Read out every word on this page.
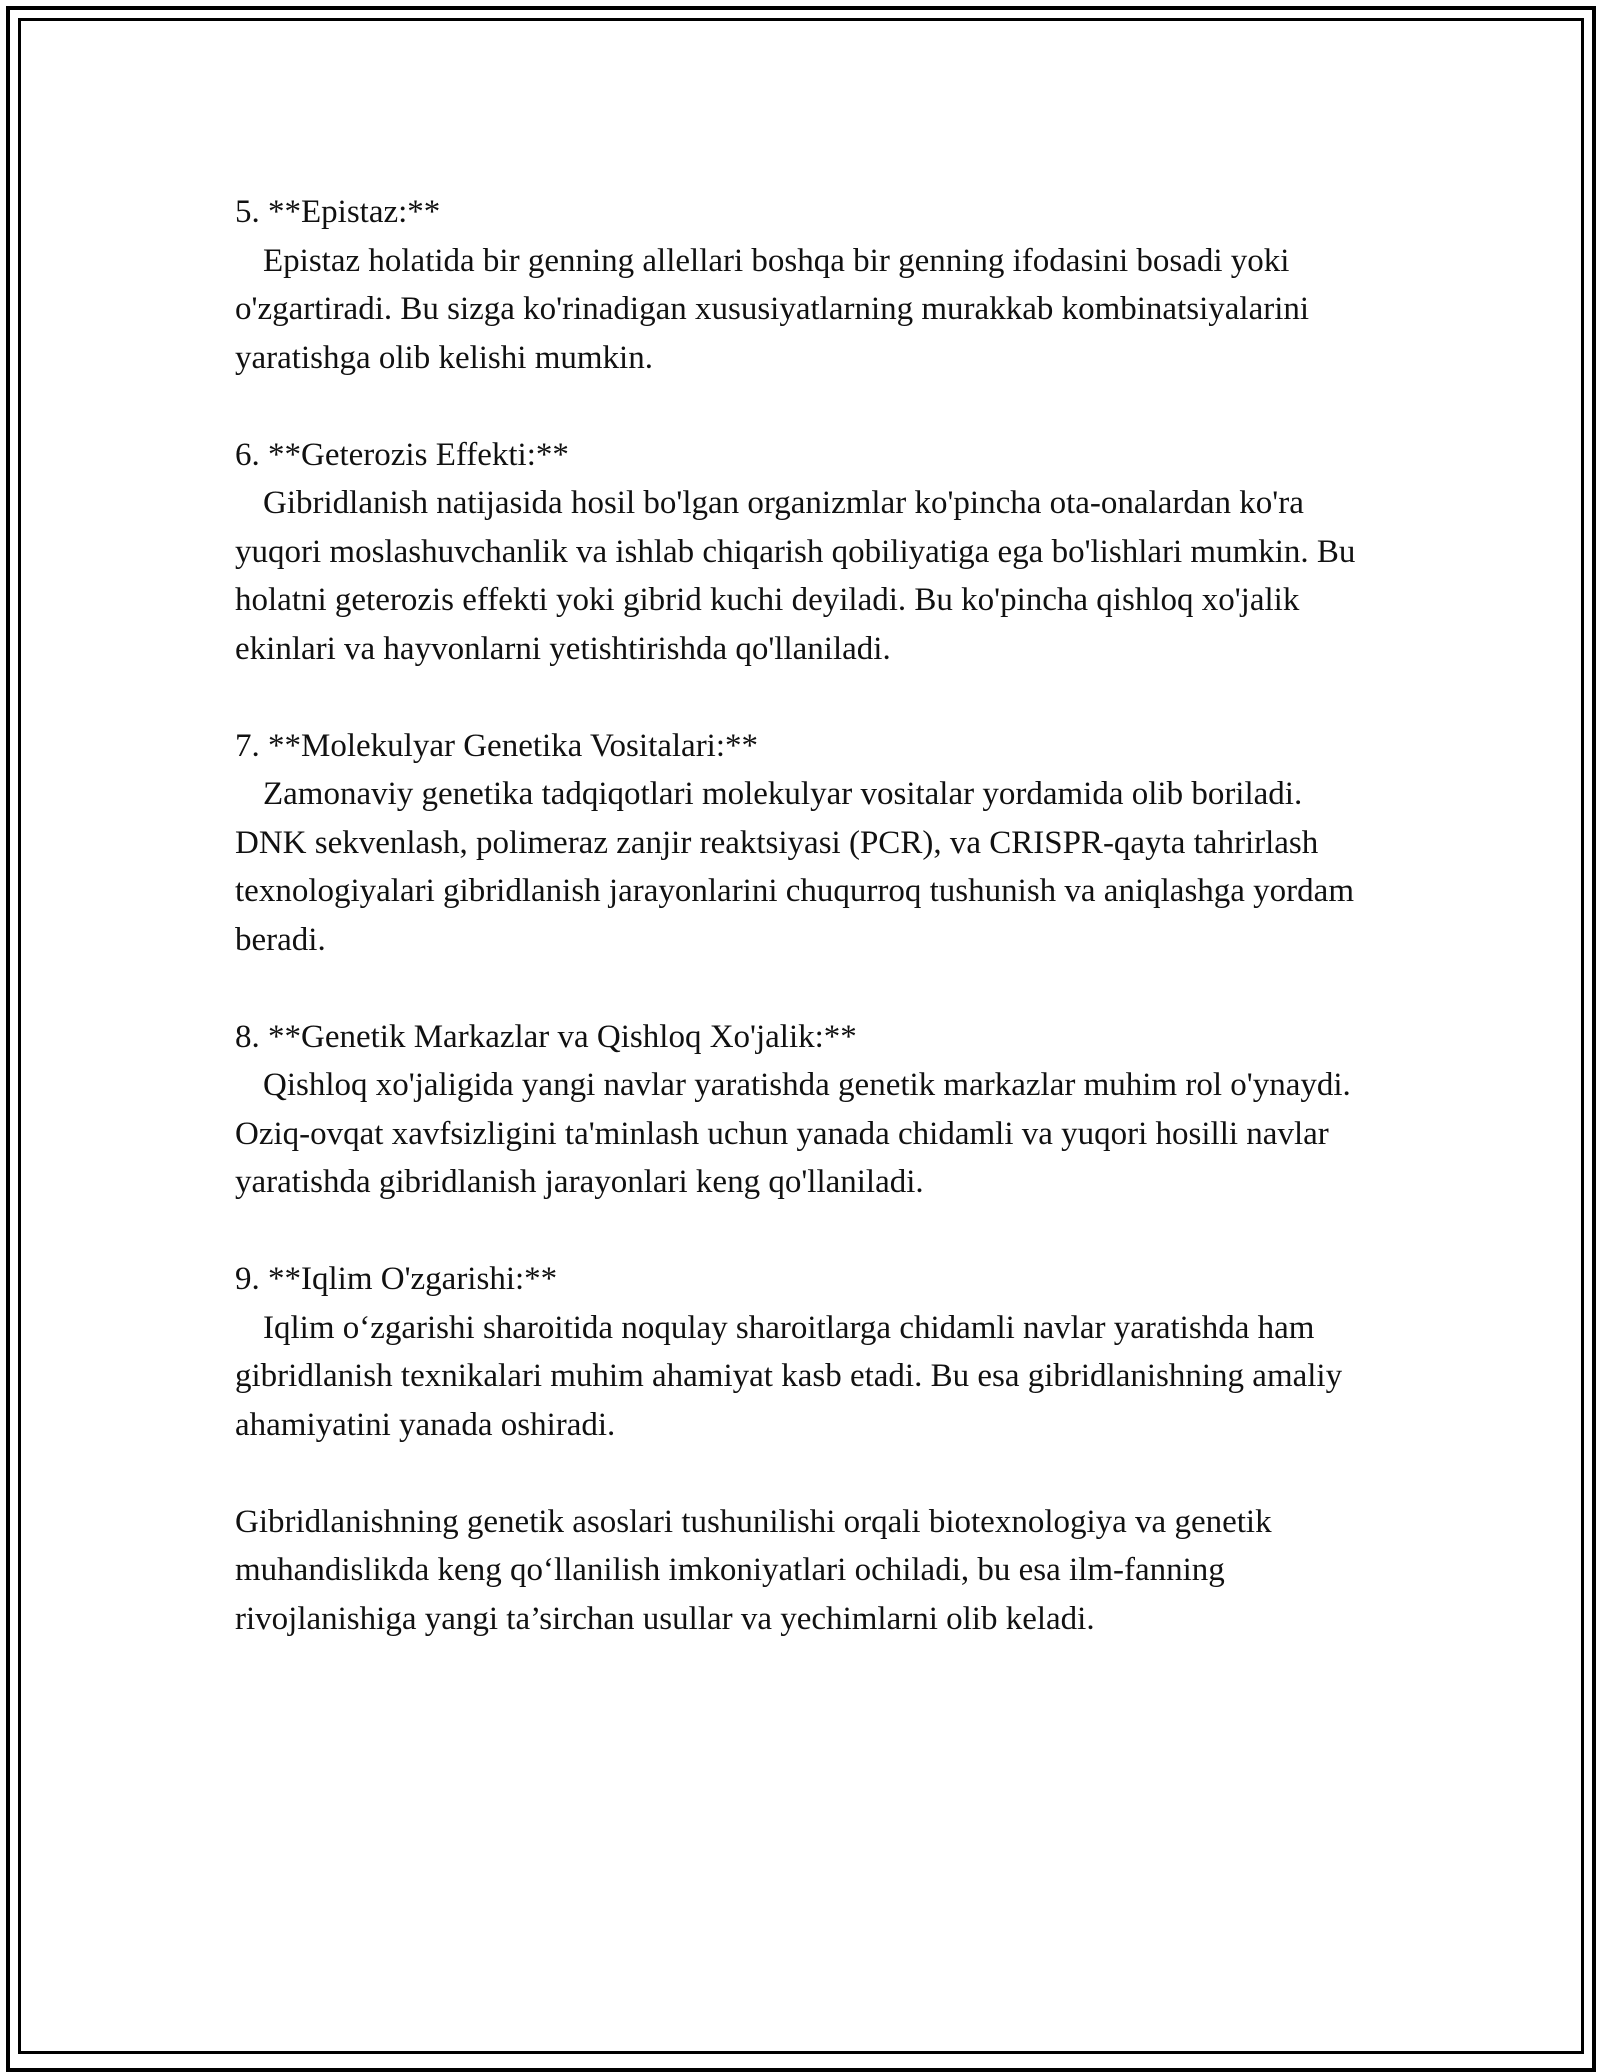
5. **Epistaz:**
Epistaz holatida bir genning allellari boshqa bir genning ifodasini bosadi yoki o'zgartiradi. Bu sizga ko'rinadigan xususiyatlarning murakkab kombinatsiyalarini yaratishga olib kelishi mumkin.
6. **Geterozis Effekti:**
Gibridlanish natijasida hosil bo'lgan organizmlar ko'pincha ota-onalardan ko'ra yuqori moslashuvchanlik va ishlab chiqarish qobiliyatiga ega bo'lishlari mumkin. Bu holatni geterozis effekti yoki gibrid kuchi deyiladi. Bu ko'pincha qishloq xo'jalik ekinlari va hayvonlarni yetishtirishda qo'llaniladi.
7. **Molekulyar Genetika Vositalari:**
Zamonaviy genetika tadqiqotlari molekulyar vositalar yordamida olib boriladi. DNK sekvenlash, polimeraz zanjir reaktsiyasi (PCR), va CRISPR-qayta tahrirlash texnologiyalari gibridlanish jarayonlarini chuqurroq tushunish va aniqlashga yordam beradi.
8. **Genetik Markazlar va Qishloq Xo'jalik:**
Qishloq xo'jaligida yangi navlar yaratishda genetik markazlar muhim rol o'ynaydi. Oziq-ovqat xavfsizligini ta'minlash uchun yanada chidamli va yuqori hosilli navlar yaratishda gibridlanish jarayonlari keng qo'llaniladi.
9. **Iqlim O'zgarishi:**
Iqlim o‘zgarishi sharoitida noqulay sharoitlarga chidamli navlar yaratishda ham gibridlanish texnikalari muhim ahamiyat kasb etadi. Bu esa gibridlanishning amaliy ahamiyatini yanada oshiradi.

Gibridlanishning genetik asoslari tushunilishi orqali biotexnologiya va genetik muhandislikda keng qo‘llanilish imkoniyatlari ochiladi, bu esa ilm-fanning rivojlanishiga yangi ta’sirchan usullar va yechimlarni olib keladi.
